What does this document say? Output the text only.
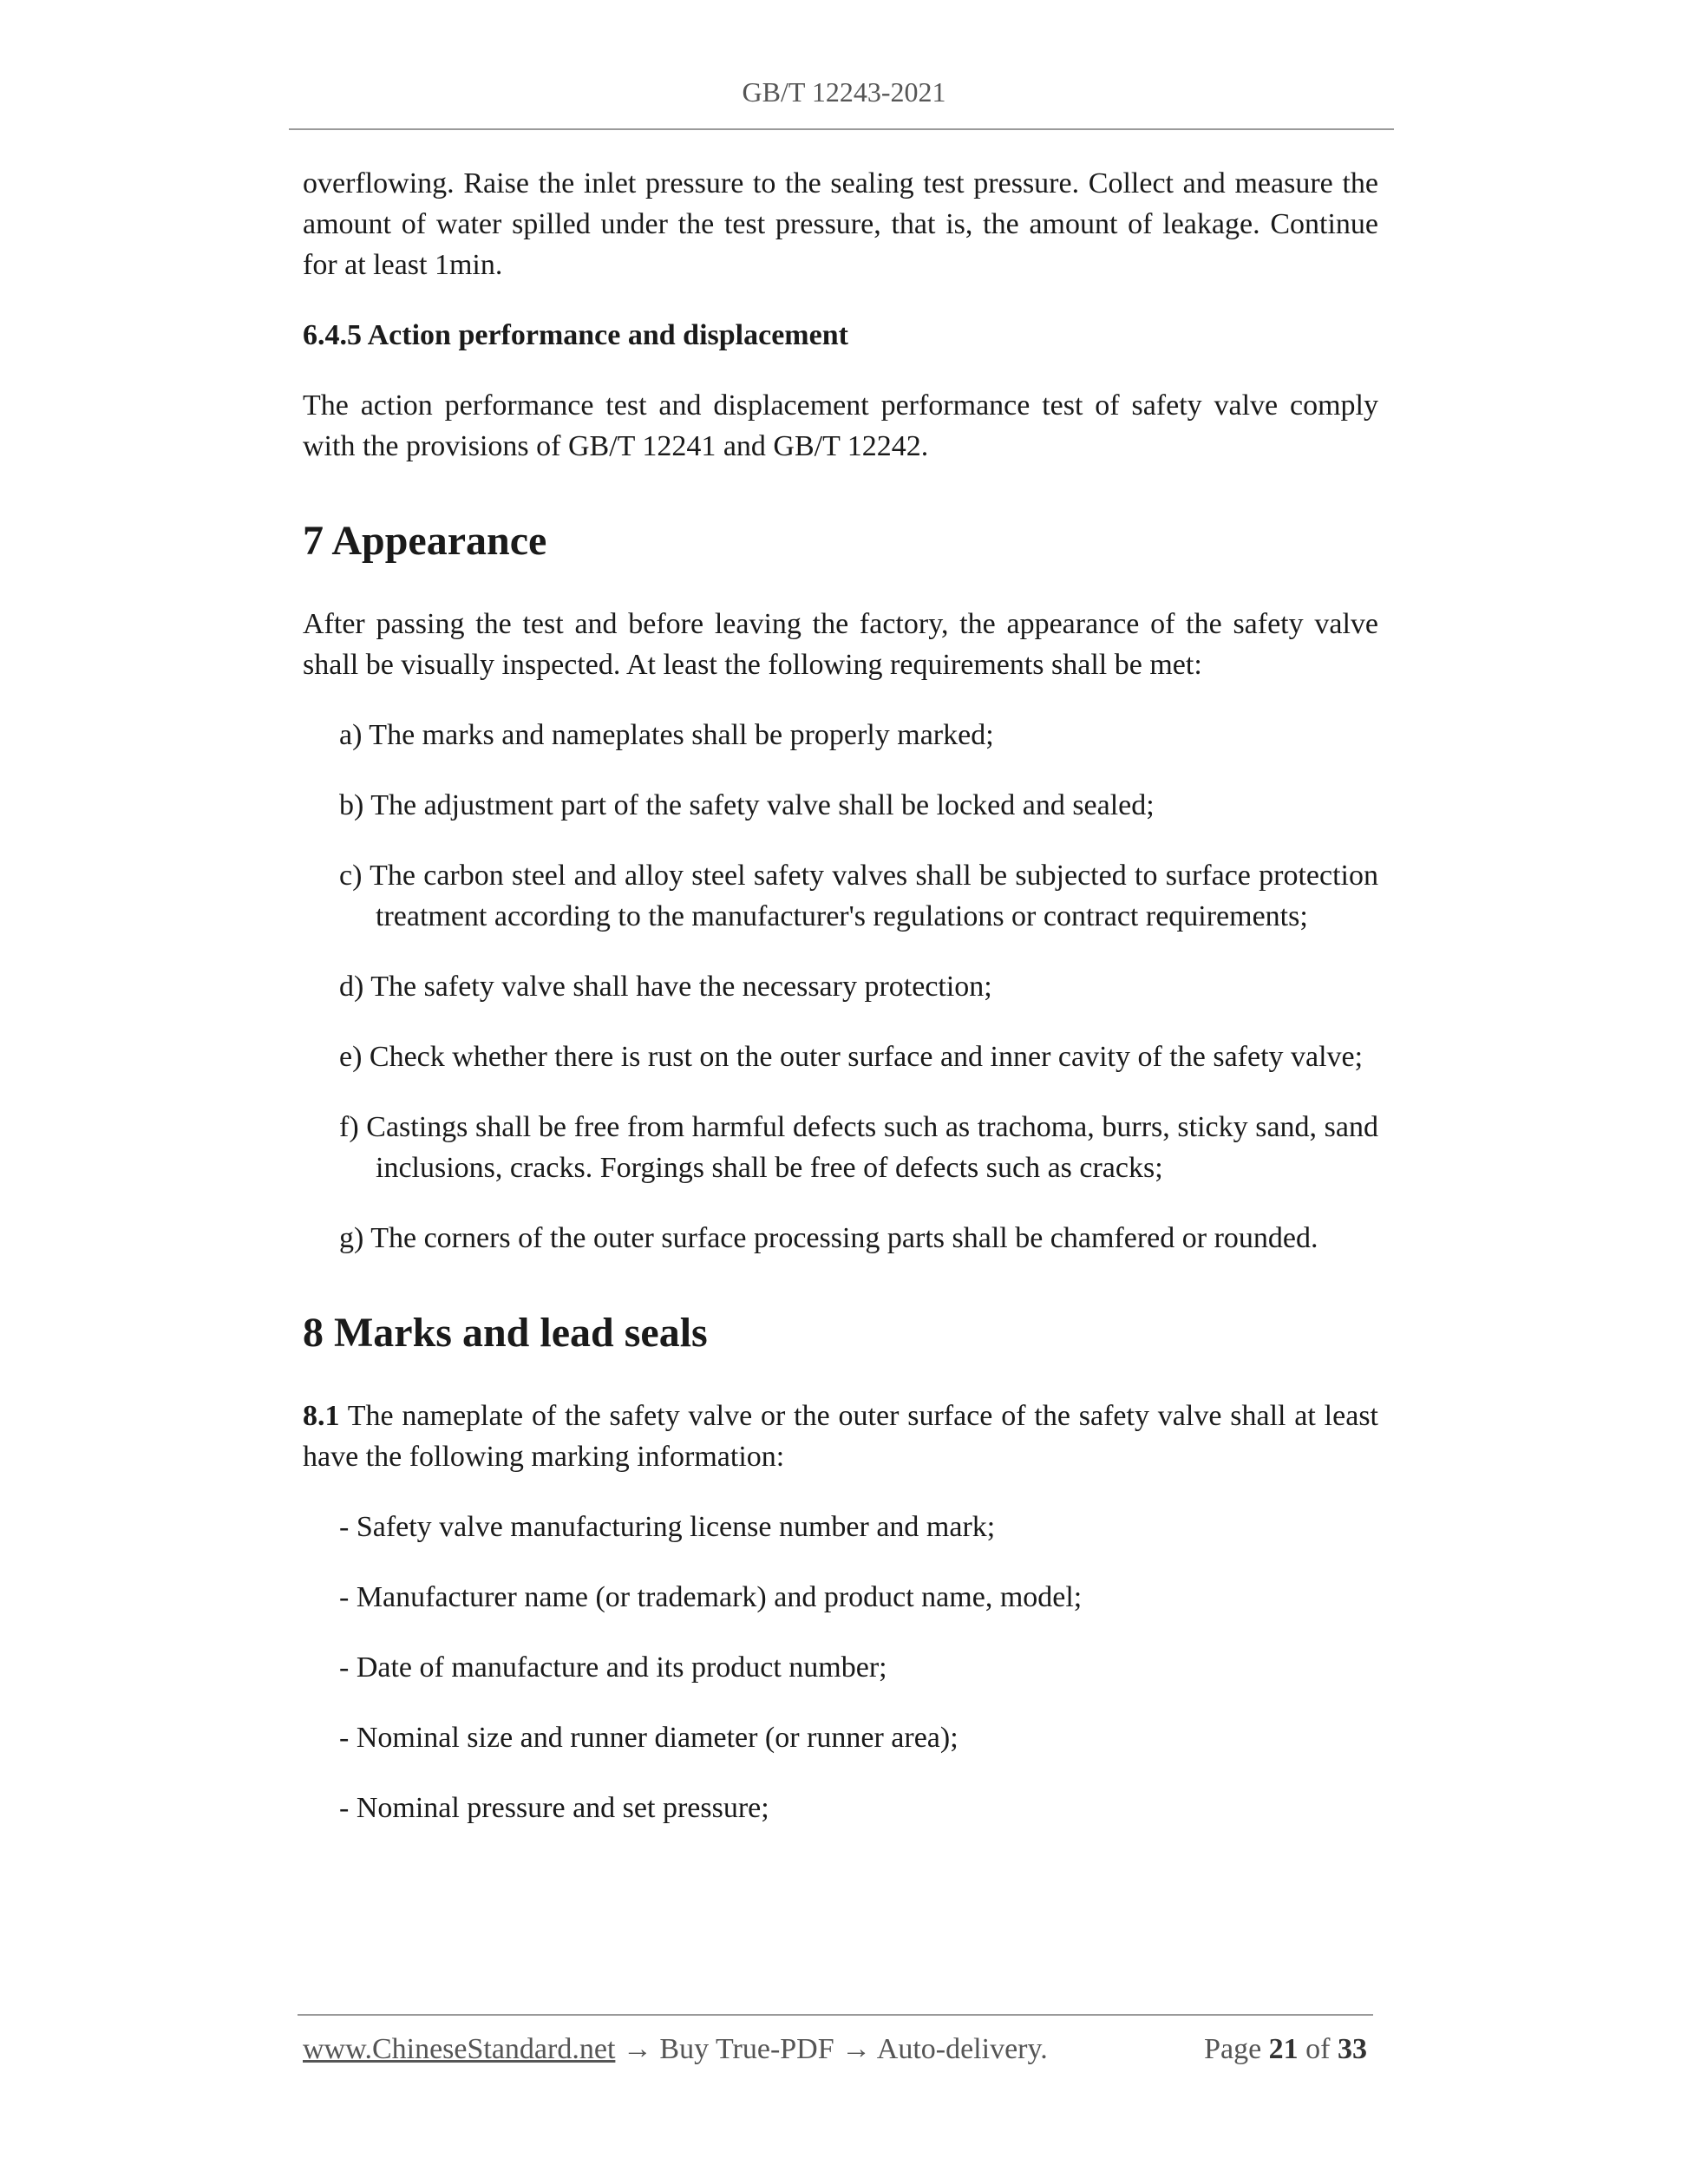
GB/T 12243-2021

overflowing. Raise the inlet pressure to the sealing test pressure. Collect and measure the amount of water spilled under the test pressure, that is, the amount of leakage. Continue for at least 1min.

6.4.5 Action performance and displacement

The action performance test and displacement performance test of safety valve comply with the provisions of GB/T 12241 and GB/T 12242.

7 Appearance

After passing the test and before leaving the factory, the appearance of the safety valve shall be visually inspected. At least the following requirements shall be met:

a) The marks and nameplates shall be properly marked;

b) The adjustment part of the safety valve shall be locked and sealed;

c) The carbon steel and alloy steel safety valves shall be subjected to surface protection treatment according to the manufacturer's regulations or contract requirements;

d) The safety valve shall have the necessary protection;

e) Check whether there is rust on the outer surface and inner cavity of the safety valve;

f) Castings shall be free from harmful defects such as trachoma, burrs, sticky sand, sand inclusions, cracks. Forgings shall be free of defects such as cracks;

g) The corners of the outer surface processing parts shall be chamfered or rounded.

8 Marks and lead seals

8.1 The nameplate of the safety valve or the outer surface of the safety valve shall at least have the following marking information:

- Safety valve manufacturing license number and mark;

- Manufacturer name (or trademark) and product name, model;

- Date of manufacture and its product number;

- Nominal size and runner diameter (or runner area);

- Nominal pressure and set pressure;

www.ChineseStandard.net → Buy True-PDF → Auto-delivery.	Page 21 of 33
